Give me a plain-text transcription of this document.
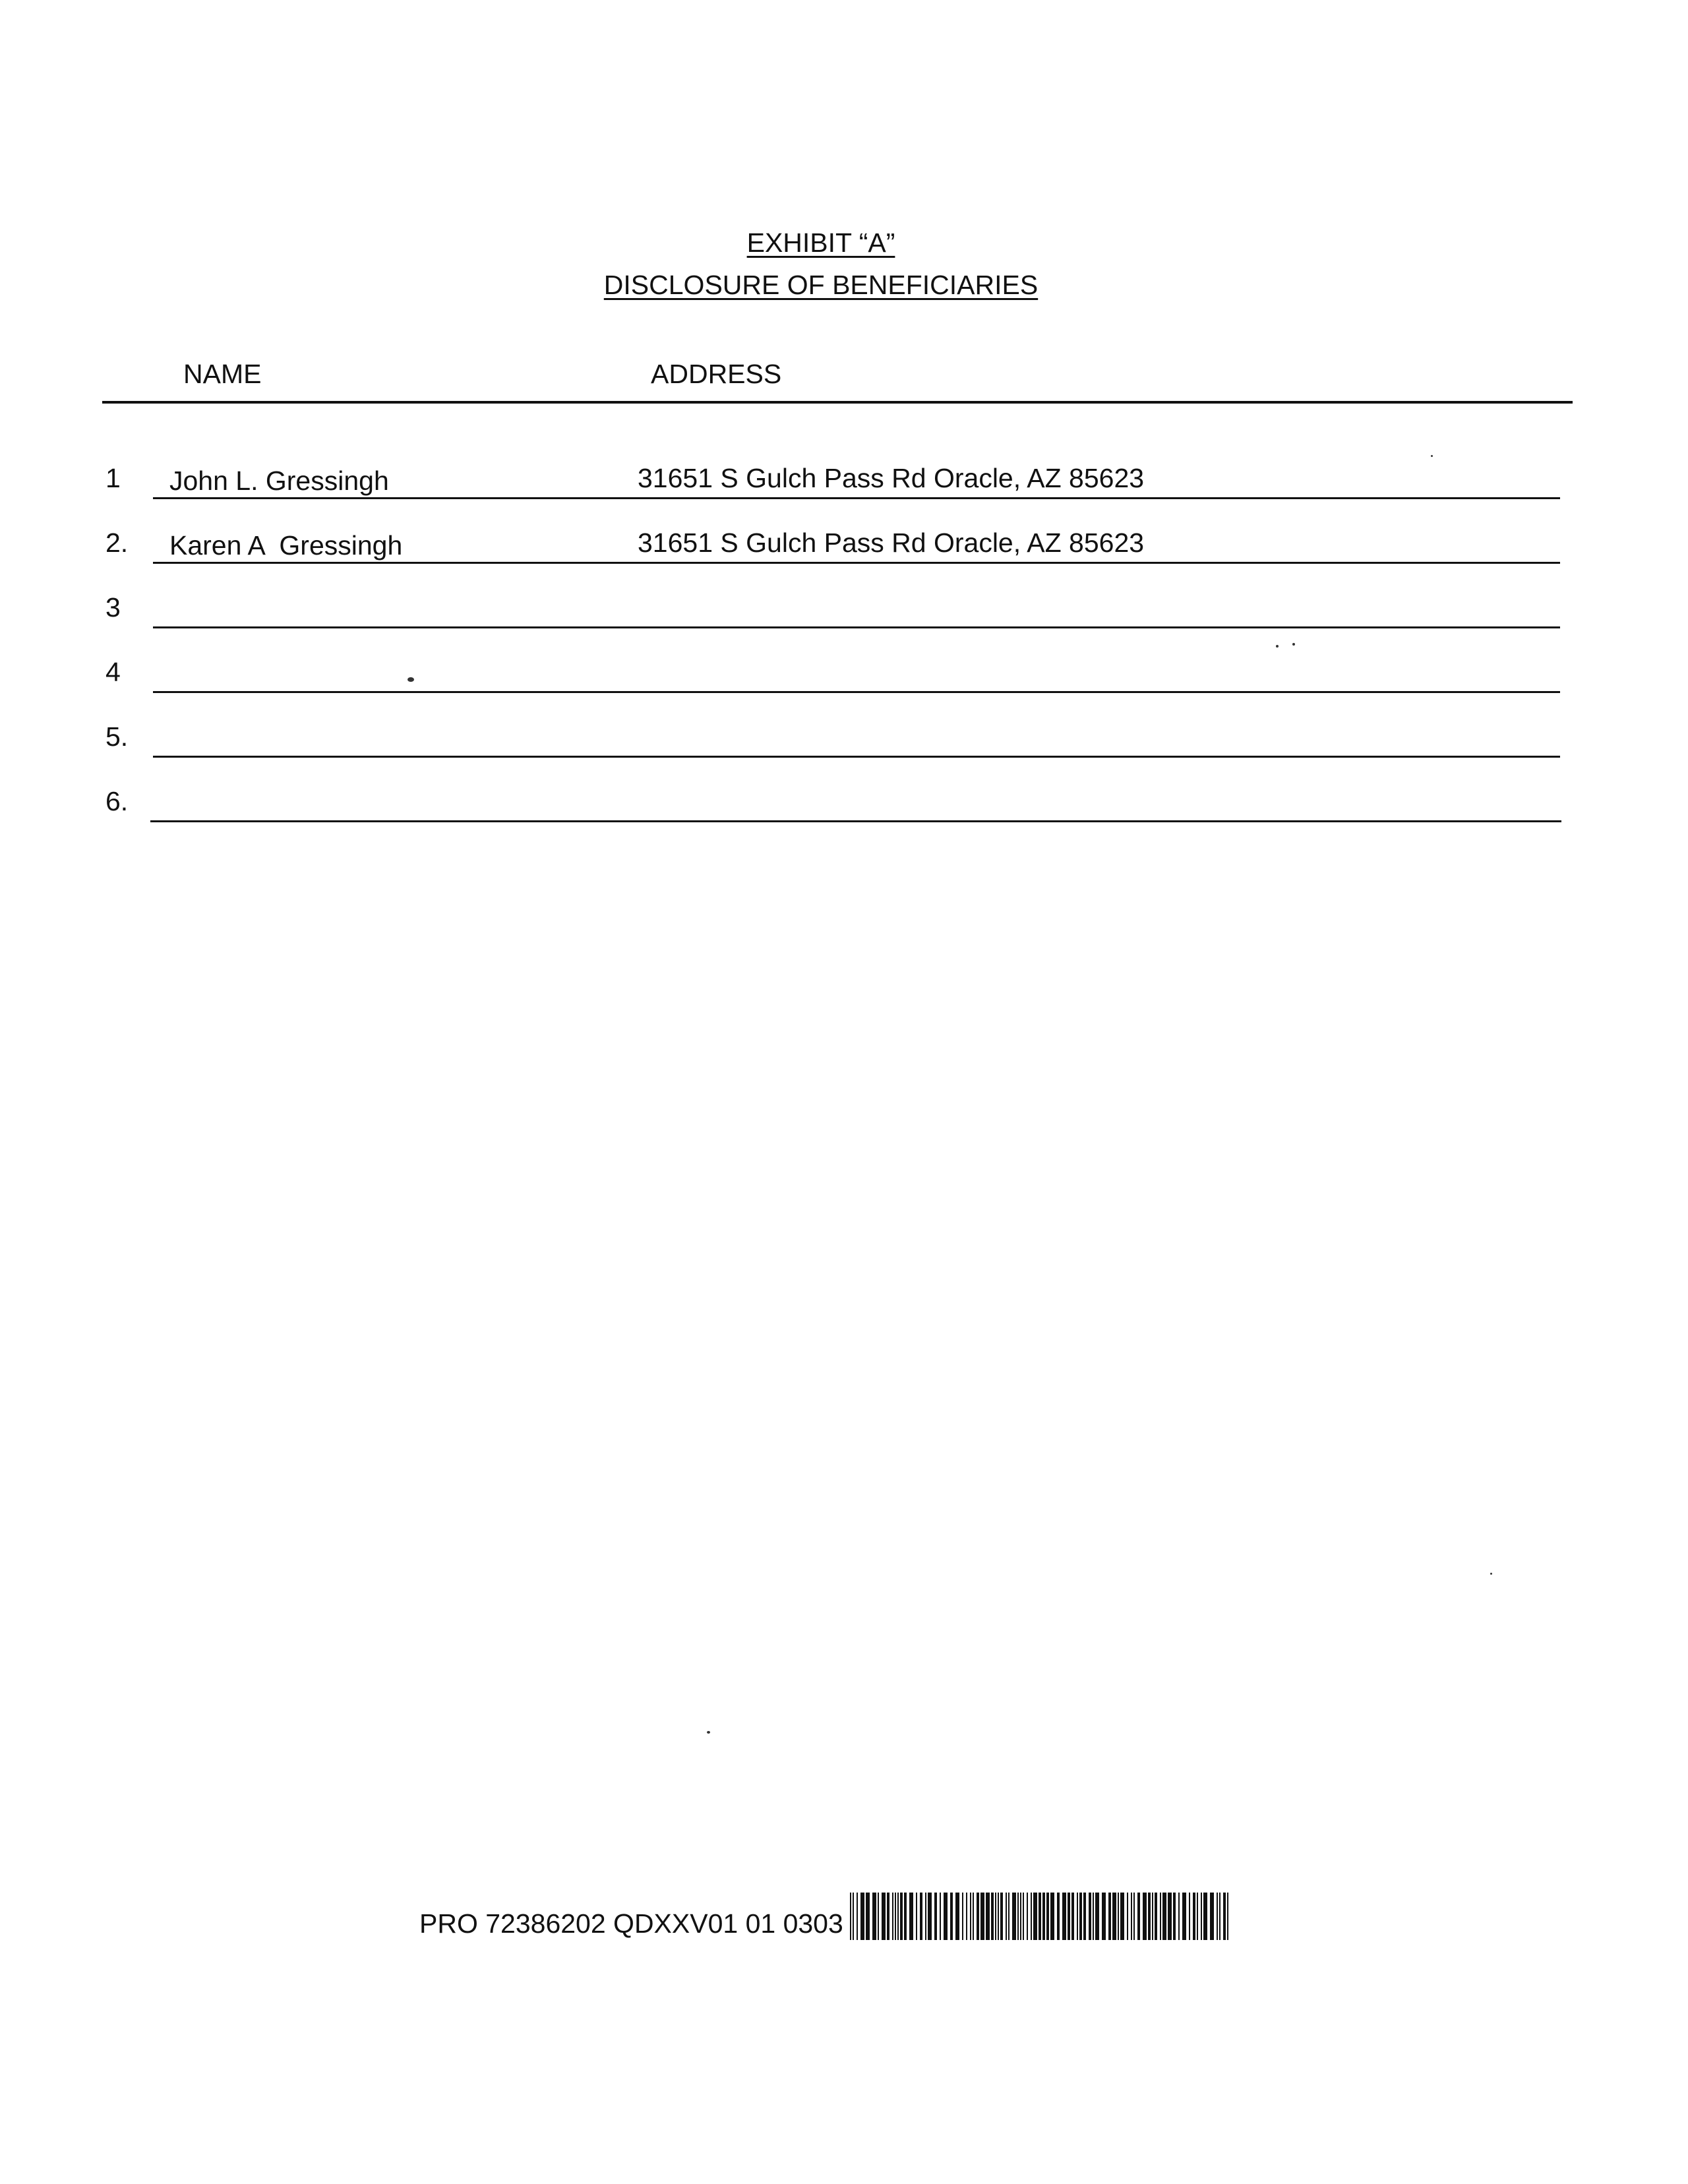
EXHIBIT “A”
DISCLOSURE OF BENEFICIARIES
NAME	ADDRESS
1 John L. Gressingh	31651 S Gulch Pass Rd Oracle, AZ 85623
2. Karen A  Gressingh	31651 S Gulch Pass Rd Oracle, AZ 85623
3
4
5.
6.
PRO 72386202 QDXXV01 01 0303
